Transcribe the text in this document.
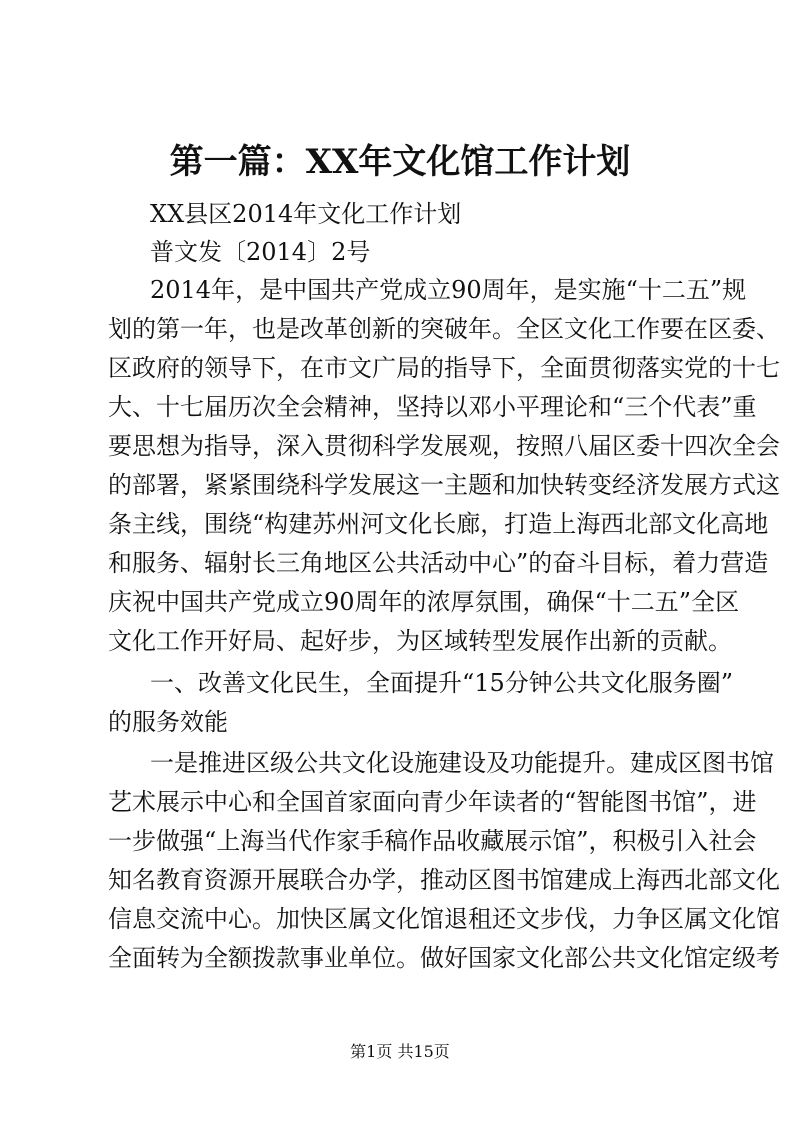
第一篇：XX年文化馆工作计划
XX县区2014年文化工作计划
普文发〔2014〕2号
2014年，是中国共产党成立90周年，是实施“十二五”规
划的第一年，也是改革创新的突破年。全区文化工作要在区委、
区政府的领导下，在市文广局的指导下，全面贯彻落实党的十七
大、十七届历次全会精神，坚持以邓小平理论和“三个代表”重
要思想为指导，深入贯彻科学发展观，按照八届区委十四次全会
的部署，紧紧围绕科学发展这一主题和加快转变经济发展方式这
条主线，围绕“构建苏州河文化长廊，打造上海西北部文化高地
和服务、辐射长三角地区公共活动中心”的奋斗目标，着力营造
庆祝中国共产党成立90周年的浓厚氛围，确保“十二五”全区
文化工作开好局、起好步，为区域转型发展作出新的贡献。
一、改善文化民生，全面提升“15分钟公共文化服务圈”
的服务效能
一是推进区级公共文化设施建设及功能提升。建成区图书馆
艺术展示中心和全国首家面向青少年读者的“智能图书馆”，进
一步做强“上海当代作家手稿作品收藏展示馆”，积极引入社会
知名教育资源开展联合办学，推动区图书馆建成上海西北部文化
信息交流中心。加快区属文化馆退租还文步伐，力争区属文化馆
全面转为全额拨款事业单位。做好国家文化部公共文化馆定级考
第1页 共15页
